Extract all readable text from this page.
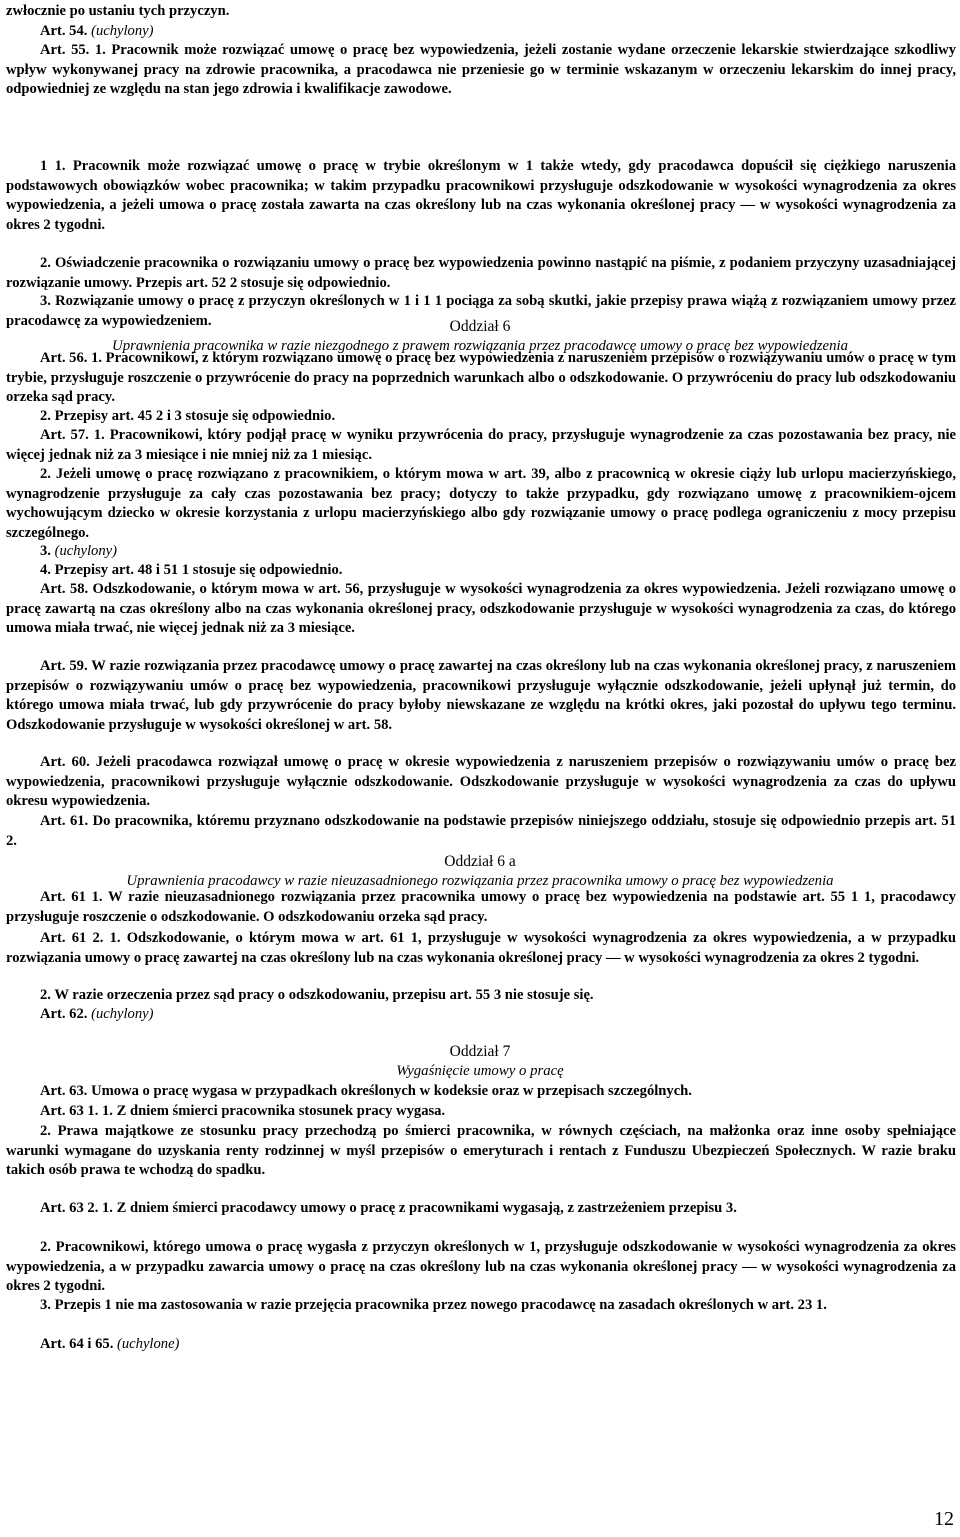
zwłocznie po ustaniu tych przyczyn.
Art. 54. (uchylony)
Art. 55. 1. Pracownik może rozwiązać umowę o pracę bez wypowiedzenia, jeżeli zostanie wydane orzeczenie lekarskie stwierdzające szkodliwy wpływ wykonywanej pracy na zdrowie pracownika, a pracodawca nie przeniesie go w terminie wskazanym w orzeczeniu lekarskim do innej pracy, odpowiedniej ze względu na stan jego zdrowia i kwalifikacje zawodowe.
1 1. Pracownik może rozwiązać umowę o pracę w trybie określonym w 1 także wtedy, gdy pracodawca dopuścił się ciężkiego naruszenia podstawowych obowiązków wobec pracownika; w takim przypadku pracownikowi przysługuje odszkodowanie w wysokości wynagrodzenia za okres wypowiedzenia, a jeżeli umowa o pracę została zawarta na czas określony lub na czas wykonania określonej pracy — w wysokości wynagrodzenia za okres 2 tygodni.
2. Oświadczenie pracownika o rozwiązaniu umowy o pracę bez wypowiedzenia powinno nastąpić na piśmie, z podaniem przyczyny uzasadniającej rozwiązanie umowy. Przepis art. 52 2 stosuje się odpowiednio.
3. Rozwiązanie umowy o pracę z przyczyn określonych w 1 i 1 1 pociąga za sobą skutki, jakie przepisy prawa wiążą z rozwiązaniem umowy przez pracodawcę za wypowiedzeniem.
Art. 56. 1. Pracownikowi, z którym rozwiązano umowę o pracę bez wypowiedzenia z naruszeniem przepisów o rozwiązywaniu umów o pracę w tym trybie, przysługuje roszczenie o przywrócenie do pracy na poprzednich warunkach albo o odszkodowanie. O przywróceniu do pracy lub odszkodowaniu orzeka sąd pracy.
2. Przepisy art. 45 2 i 3 stosuje się odpowiednio.
Art. 57. 1. Pracownikowi, który podjął pracę w wyniku przywrócenia do pracy, przysługuje wynagrodzenie za czas pozostawania bez pracy, nie więcej jednak niż za 3 miesiące i nie mniej niż za 1 miesiąc.
2. Jeżeli umowę o pracę rozwiązano z pracownikiem, o którym mowa w art. 39, albo z pracownicą w okresie ciąży lub urlopu macierzyńskiego, wynagrodzenie przysługuje za cały czas pozostawania bez pracy; dotyczy to także przypadku, gdy rozwiązano umowę z pracownikiem-ojcem wychowującym dziecko w okresie korzystania z urlopu macierzyńskiego albo gdy rozwiązanie umowy o pracę podlega ograniczeniu z mocy przepisu szczególnego.
3. (uchylony)
4. Przepisy art. 48 i 51 1 stosuje się odpowiednio.
Art. 58. Odszkodowanie, o którym mowa w art. 56, przysługuje w wysokości wynagrodzenia za okres wypowiedzenia. Jeżeli rozwiązano umowę o pracę zawartą na czas określony albo na czas wykonania określonej pracy, odszkodowanie przysługuje w wysokości wynagrodzenia za czas, do którego umowa miała trwać, nie więcej jednak niż za 3 miesiące.
Art. 59. W razie rozwiązania przez pracodawcę umowy o pracę zawartej na czas określony lub na czas wykonania określonej pracy, z naruszeniem przepisów o rozwiązywaniu umów o pracę bez wypowiedzenia, pracownikowi przysługuje wyłącznie odszkodowanie, jeżeli upłynął już termin, do którego umowa miała trwać, lub gdy przywrócenie do pracy byłoby niewskazane ze względu na krótki okres, jaki pozostał do upływu tego terminu. Odszkodowanie przysługuje w wysokości określonej w art. 58.
Art. 60. Jeżeli pracodawca rozwiązał umowę o pracę w okresie wypowiedzenia z naruszeniem przepisów o rozwiązywaniu umów o pracę bez wypowiedzenia, pracownikowi przysługuje wyłącznie odszkodowanie. Odszkodowanie przysługuje w wysokości wynagrodzenia za czas do upływu okresu wypowiedzenia.
Art. 61. Do pracownika, któremu przyznano odszkodowanie na podstawie przepisów niniejszego oddziału, stosuje się odpowiednio przepis art. 51 2.
Art. 61 1. W razie nieuzasadnionego rozwiązania przez pracownika umowy o pracę bez wypowiedzenia na podstawie art. 55 1 1, pracodawcy przysługuje roszczenie o odszkodowanie. O odszkodowaniu orzeka sąd pracy.
Art. 61 2. 1. Odszkodowanie, o którym mowa w art. 61 1, przysługuje w wysokości wynagrodzenia za okres wypowiedzenia, a w przypadku rozwiązania umowy o pracę zawartej na czas określony lub na czas wykonania określonej pracy — w wysokości wynagrodzenia za okres 2 tygodni.
2. W razie orzeczenia przez sąd pracy o odszkodowaniu, przepisu art. 55 3 nie stosuje się.
Art. 62. (uchylony)
Art. 63. Umowa o pracę wygasa w przypadkach określonych w kodeksie oraz w przepisach szczególnych.
Art. 63 1. 1. Z dniem śmierci pracownika stosunek pracy wygasa.
2. Prawa majątkowe ze stosunku pracy przechodzą po śmierci pracownika, w równych częściach, na małżonka oraz inne osoby spełniające warunki wymagane do uzyskania renty rodzinnej w myśl przepisów o emeryturach i rentach z Funduszu Ubezpieczeń Społecznych. W razie braku takich osób prawa te wchodzą do spadku.
Art. 63 2. 1. Z dniem śmierci pracodawcy umowy o pracę z pracownikami wygasają, z zastrzeżeniem przepisu 3.
2. Pracownikowi, którego umowa o pracę wygasła z przyczyn określonych w 1, przysługuje odszkodowanie w wysokości wynagrodzenia za okres wypowiedzenia, a w przypadku zawarcia umowy o pracę na czas określony lub na czas wykonania określonej pracy — w wysokości wynagrodzenia za okres 2 tygodni.
3. Przepis 1 nie ma zastosowania w razie przejęcia pracownika przez nowego pracodawcę na zasadach określonych w art. 23 1.
Art. 64 i 65. (uchylone)
Oddział 6
Uprawnienia pracownika w razie niezgodnego z prawem rozwiązania przez pracodawcę umowy o pracę bez wypowiedzenia
Oddział 6 a
Uprawnienia pracodawcy w razie nieuzasadnionego rozwiązania przez pracownika umowy o pracę bez wypowiedzenia
Oddział 7
Wygaśnięcie umowy o pracę
12
